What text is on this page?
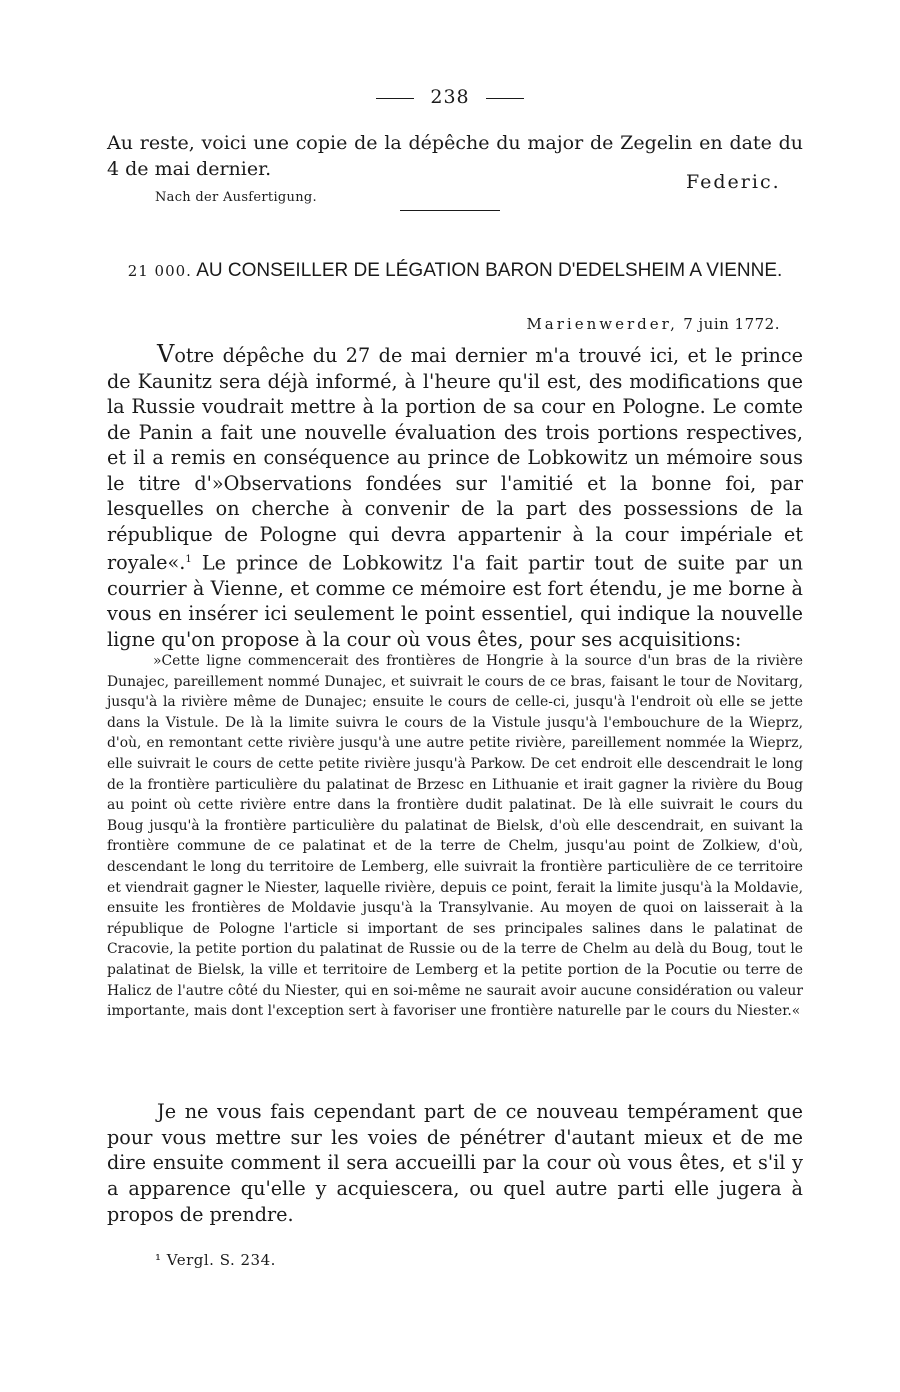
238

Au reste, voici une copie de la dépêche du major de Zegelin en date du 4 de mai dernier.

Federic.
Nach der Ausfertigung.
21 000. AU CONSEILLER DE LÉGATION BARON D'EDELSHEIM A VIENNE.
Marienwerder, 7 juin 1772.

Votre dépêche du 27 de mai dernier m'a trouvé ici, et le prince de Kaunitz sera déjà informé, à l'heure qu'il est, des modifications que la Russie voudrait mettre à la portion de sa cour en Pologne. Le comte de Panin a fait une nouvelle évaluation des trois portions respectives, et il a remis en conséquence au prince de Lobkowitz un mémoire sous le titre d'»Observations fondées sur l'amitié et la bonne foi, par lesquelles on cherche à convenir de la part des possessions de la république de Pologne qui devra appartenir à la cour impériale et royale«.$^1$ Le prince de Lobkowitz l'a fait partir tout de suite par un courrier à Vienne, et comme ce mémoire est fort étendu, je me borne à vous en insérer ici seulement le point essentiel, qui indique la nouvelle ligne qu'on propose à la cour où vous êtes, pour ses acquisitions:

»Cette ligne commencerait des frontières de Hongrie à la source d'un bras de la rivière Dunajec, pareillement nommé Dunajec, et suivrait le cours de ce bras, faisant le tour de Novitarg, jusqu'à la rivière même de Dunajec; ensuite le cours de celle-ci, jusqu'à l'endroit où elle se jette dans la Vistule. De là la limite suivra le cours de la Vistule jusqu'à l'embouchure de la Wieprz, d'où, en remontant cette rivière jusqu'à une autre petite rivière, pareillement nommée la Wieprz, elle suivrait le cours de cette petite rivière jusqu'à Parkow. De cet endroit elle descendrait le long de la frontière particulière du palatinat de Brzesc en Lithuanie et irait gagner la rivière du Boug au point où cette rivière entre dans la frontière dudit palatinat. De là elle suivrait le cours du Boug jusqu'à la frontière particulière du palatinat de Bielsk, d'où elle descendrait, en suivant la frontière commune de ce palatinat et de la terre de Chelm, jusqu'au point de Zolkiew, d'où, descendant le long du territoire de Lemberg, elle suivrait la frontière particulière de ce territoire et viendrait gagner le Niester, laquelle rivière, depuis ce point, ferait la limite jusqu'à la Moldavie, ensuite les frontières de Moldavie jusqu'à la Transylvanie. Au moyen de quoi on laisserait à la république de Pologne l'article si important de ses principales salines dans le palatinat de Cracovie, la petite portion du palatinat de Russie ou de la terre de Chelm au delà du Boug, tout le palatinat de Bielsk, la ville et territoire de Lemberg et la petite portion de la Pocutie ou terre de Halicz de l'autre côté du Niester, qui en soi-même ne saurait avoir aucune considération ou valeur importante, mais dont l'exception sert à favoriser une frontière naturelle par le cours du Niester.«

Je ne vous fais cependant part de ce nouveau tempérament que pour vous mettre sur les voies de pénétrer d'autant mieux et de me dire ensuite comment il sera accueilli par la cour où vous êtes, et s'il y a apparence qu'elle y acquiescera, ou quel autre parti elle jugera à propos de prendre.

¹ Vergl. S. 234.
